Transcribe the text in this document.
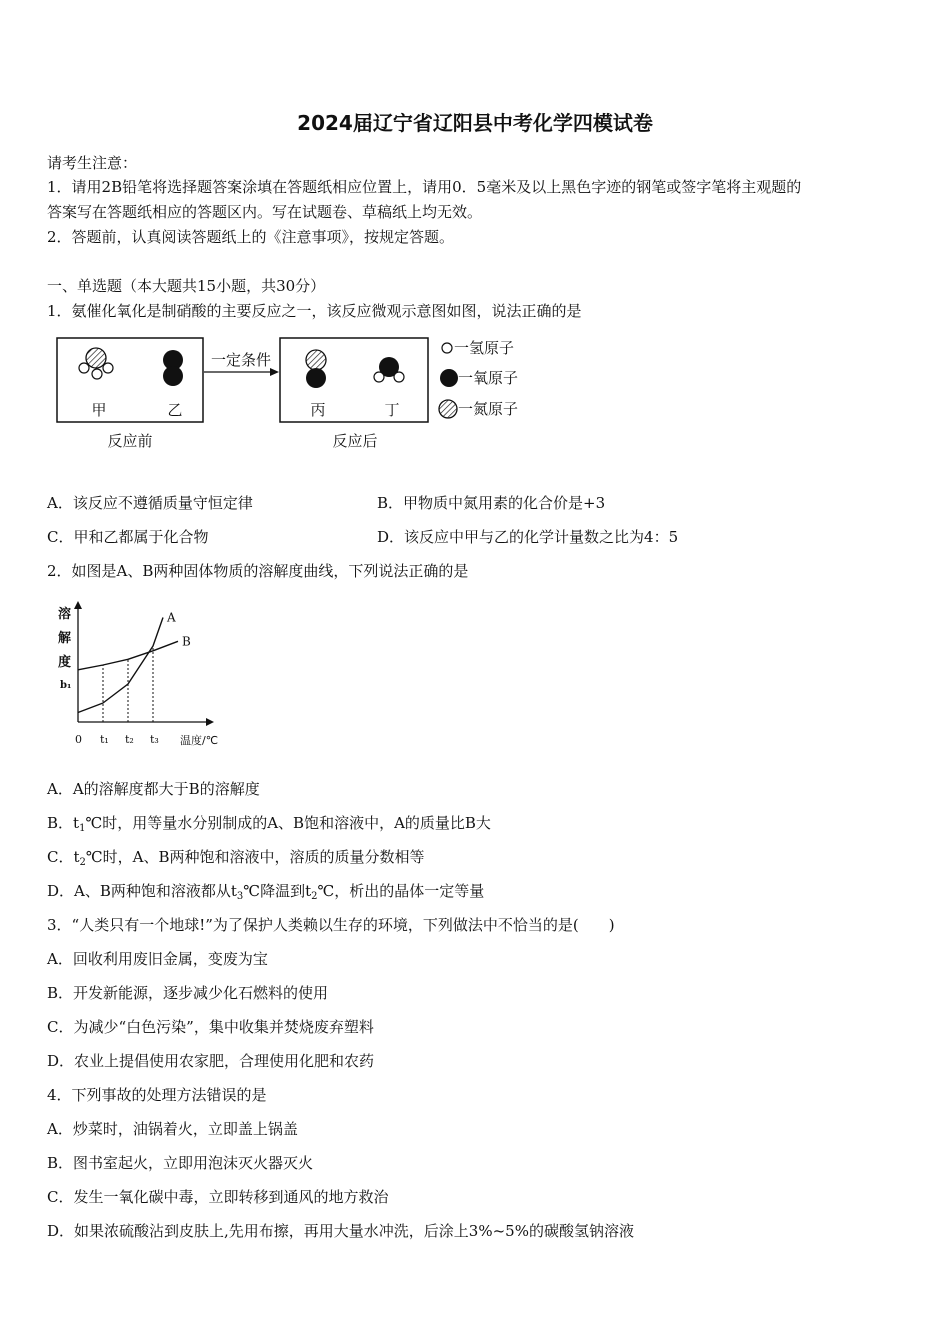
2024届辽宁省辽阳县中考化学四模试卷
请考生注意：
1．请用2B铅笔将选择题答案涂填在答题纸相应位置上，请用0．5毫米及以上黑色字迹的钢笔或签字笔将主观题的
答案写在答题纸相应的答题区内。写在试题卷、草稿纸上均无效。
2．答题前，认真阅读答题纸上的《注意事项》，按规定答题。
一、单选题（本大题共15小题，共30分）
1．氨催化氧化是制硝酸的主要反应之一，该反应微观示意图如图，说法正确的是
一定条件
甲	乙	丙	丁
反应前	反应后
一氢原子
一氧原子
一氮原子
A．该反应不遵循质量守恒定律	B．甲物质中氮用素的化合价是+3
C．甲和乙都属于化合物	D．该反应中甲与乙的化学计量数之比为4：5
2．如图是A、B两种固体物质的溶解度曲线，下列说法正确的是
溶
解
度
b₁
温度/℃
A
B
0 t₁ t₂ t₃
A．A的溶解度都大于B的溶解度
B．$t_1℃$时，用等量水分别制成的A、B饱和溶液中，A的质量比B大
C．$t_2℃$时，A、B两种饱和溶液中，溶质的质量分数相等
D．A、B两种饱和溶液都从$t_3℃$降温到$t_2℃$，析出的晶体一定等量
3．“人类只有一个地球!”为了保护人类赖以生存的环境，下列做法中不恰当的是(　　)
A．回收利用废旧金属，变废为宝
B．开发新能源，逐步减少化石燃料的使用
C．为减少“白色污染”，集中收集并焚烧废弃塑料
D．农业上提倡使用农家肥，合理使用化肥和农药
4．下列事故的处理方法错误的是
A．炒菜时，油锅着火，立即盖上锅盖
B．图书室起火，立即用泡沫灭火器灭火
C．发生一氧化碳中毒，立即转移到通风的地方救治
D．如果浓硫酸沾到皮肤上,先用布擦，再用大量水冲洗，后涂上3%~5%的碳酸氢钠溶液
